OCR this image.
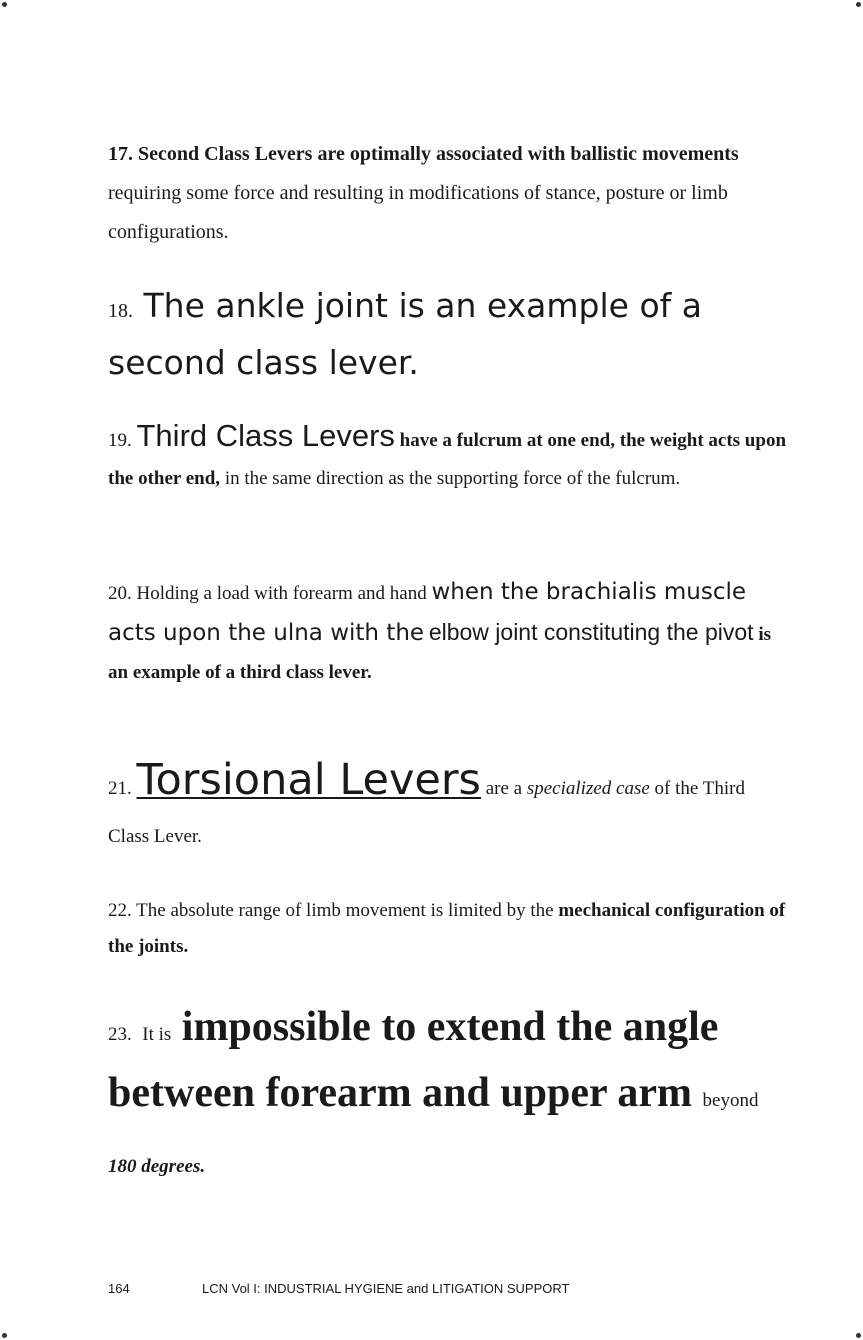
17. Second Class Levers are optimally associated with ballistic movements requiring some force and resulting in modifications of stance, posture or limb configurations.
18. The ankle joint is an example of a second class lever.
19. Third Class Levers have a fulcrum at one end, the weight acts upon the other end, in the same direction as the supporting force of the fulcrum.
20. Holding a load with forearm and hand when the brachialis muscle acts upon the ulna with the elbow joint constituting the pivot is an example of a third class lever.
21. Torsional Levers are a specialized case of the Third Class Lever.
22. The absolute range of limb movement is limited by the mechanical configuration of the joints.
23. It is impossible to extend the angle between forearm and upper arm beyond 180 degrees.
164	LCN Vol I: INDUSTRIAL HYGIENE and LITIGATION SUPPORT
